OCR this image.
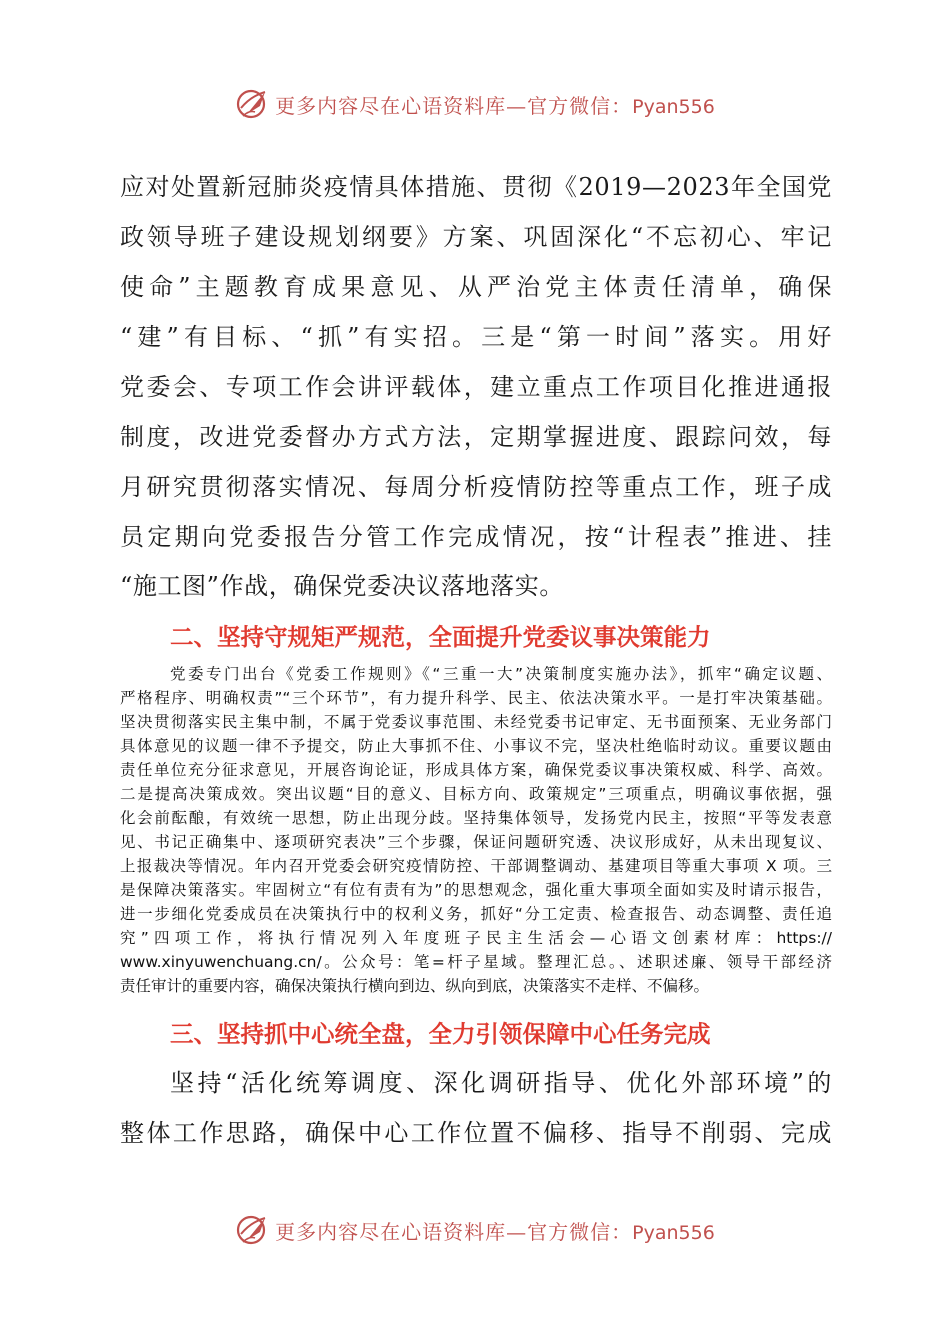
更多内容尽在心语资料库—官方微信：Pyan556
应对处置新冠肺炎疫情具体措施、贯彻《2019—2023年全国党
政领导班子建设规划纲要》方案、巩固深化“不忘初心、牢记
使命”主题教育成果意见、从严治党主体责任清单，确保
“建”有目标、“抓”有实招。三是“第一时间”落实。用好
党委会、专项工作会讲评载体，建立重点工作项目化推进通报
制度，改进党委督办方式方法，定期掌握进度、跟踪问效，每
月研究贯彻落实情况、每周分析疫情防控等重点工作，班子成
员定期向党委报告分管工作完成情况，按“计程表”推进、挂
“施工图”作战，确保党委决议落地落实。
二、坚持守规矩严规范，全面提升党委议事决策能力
党委专门出台《党委工作规则》《“三重一大”决策制度实施办法》，抓牢“确定议题、
严格程序、明确权责”“三个环节”，有力提升科学、民主、依法决策水平。一是打牢决策基础。
坚决贯彻落实民主集中制，不属于党委议事范围、未经党委书记审定、无书面预案、无业务部门
具体意见的议题一律不予提交，防止大事抓不住、小事议不完，坚决杜绝临时动议。重要议题由
责任单位充分征求意见，开展咨询论证，形成具体方案，确保党委议事决策权威、科学、高效。
二是提高决策成效。突出议题“目的意义、目标方向、政策规定”三项重点，明确议事依据，强
化会前酝酿，有效统一思想，防止出现分歧。坚持集体领导，发扬党内民主，按照“平等发表意
见、书记正确集中、逐项研究表决”三个步骤，保证问题研究透、决议形成好，从未出现复议、
上报裁决等情况。年内召开党委会研究疫情防控、干部调整调动、基建项目等重大事项 X 项。三
是保障决策落实。牢固树立“有位有责有为”的思想观念，强化重大事项全面如实及时请示报告，
进一步细化党委成员在决策执行中的权利义务，抓好“分工定责、检查报告、动态调整、责任追
究”四项工作，将执行情况列入年度班子民主生活会—心语文创素材库：https://
www.xinyuwenchuang.cn/。公众号：笔=杆子星域。整理汇总。、述职述廉、领导干部经济
责任审计的重要内容，确保决策执行横向到边、纵向到底，决策落实不走样、不偏移。
三、坚持抓中心统全盘，全力引领保障中心任务完成
坚持“活化统筹调度、深化调研指导、优化外部环境”的
整体工作思路，确保中心工作位置不偏移、指导不削弱、完成
更多内容尽在心语资料库—官方微信：Pyan556
